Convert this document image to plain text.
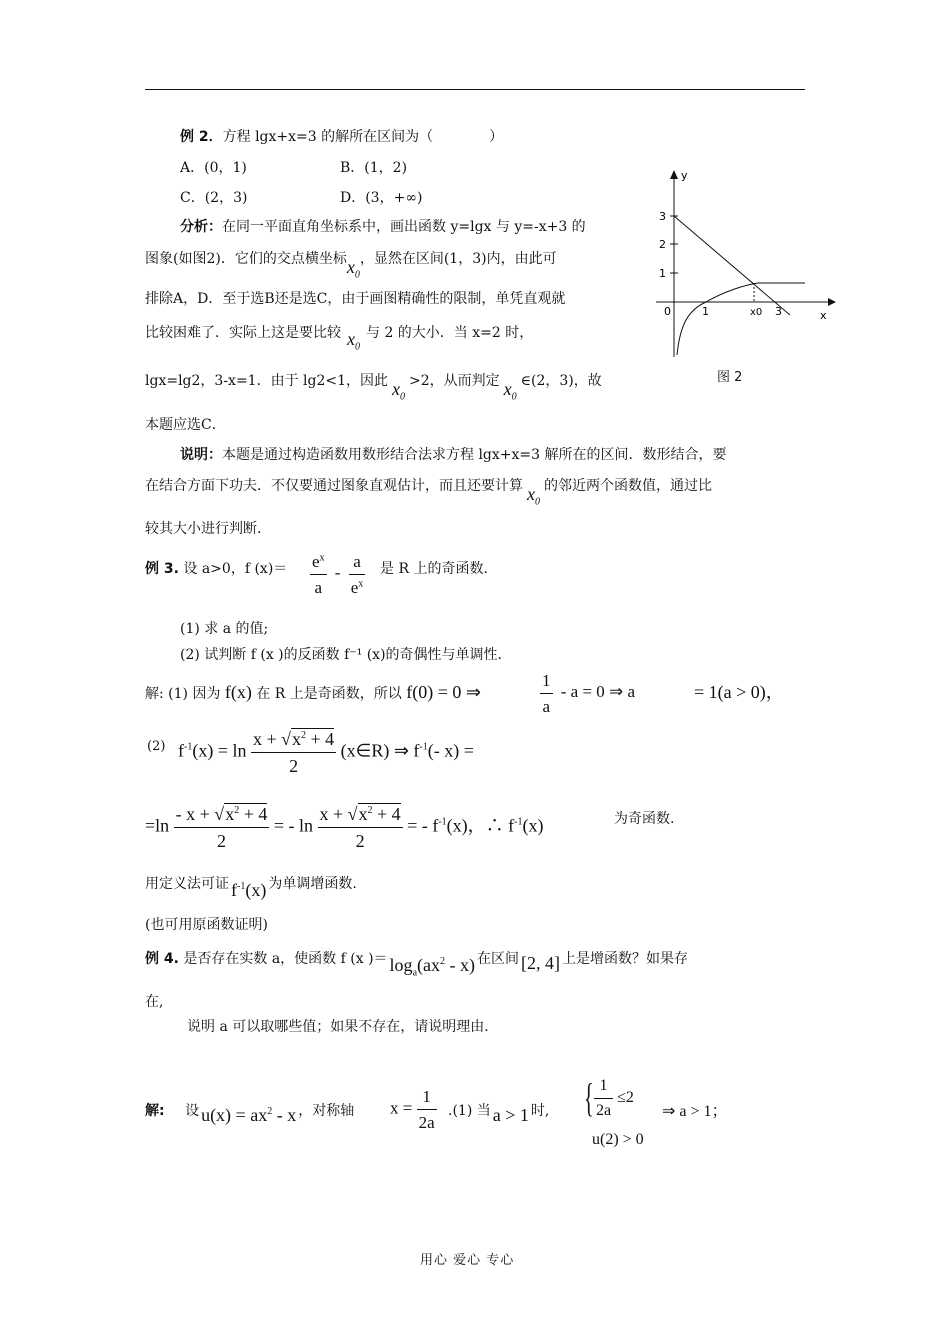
例 2．方程 lgx+x=3 的解所在区间为（　　　　）
A．(0，1)	B．(1，2)
C．(2，3)	D．(3，+∞)
分析：在同一平面直角坐标系中，画出函数 y=lgx 与 y=-x+3 的
图象(如图2)．它们的交点横坐标$x_0$，显然在区间(1，3)内，由此可
排除A，D．至于选B还是选C，由于画图精确性的限制，单凭直观就
比较困难了．实际上这是要比较 $x_0$与 2 的大小．当 x=2 时，
lgx=lg2，3-x=1．由于 lg2<1，因此 $x_0>2$，从而判定 $x_0\in(2$，3)，故
本题应选C．
说明：本题是通过构造函数用数形结合法求方程 lgx+x=3 解所在的区间．数形结合，要
在结合方面下功夫．不仅要通过图象直观估计，而且还要计算 $x_0$的邻近两个函数值，通过比
较其大小进行判断．
y
x
3
2
1
0	1	x0 3
图 2
例 3. 设 a>0，f $(x)= \frac{e^x}{a} - \frac{a}{e^x}$ 是 R 上的奇函数.
(1) 求 a 的值;
(2) 试判断 f (x )的反函数 f⁻¹ (x)的奇偶性与单调性.
解: (1) 因为 f(x) 在 R 上是奇函数，所以 f(0) = 0 ⇒	$\frac{1}{a} - a = 0$ ⇒ a	= 1(a > 0)，
(2) $f^{-1}(x) = \ln \frac{x + √x^2 + 4}{2}$ (x∈R) ⇒ $f^{-1}(-$ x) =
$=\ln \frac{- x + √x^2 + 4}{2}$ = - $\ln \frac{x + √x^2 + 4}{2}$ = - $f^{-1}(x)$，∴ $f^{-1}(x)$	为奇函数.
用定义法可证 $f^{-1}(x)$ 为单调增函数.
(也可用原函数证明)
例 4. 是否存在实数 a，使函数 f (x )＝ $\log_a(ax^2 - x)$ 在区间 [2, 4] 上是增函数？如果存
在,
说明 a 可以取哪些值；如果不存在，请说明理由.
解: 设 $u(x) = ax^2 - x$ ，对称轴 $x = \frac{1}{2a} .(1)$ 当 a > 1 时, { $\frac{1}{2a} \le 2$
u(2) > 0
⇒ a > 1；
用心 爱心 专心
